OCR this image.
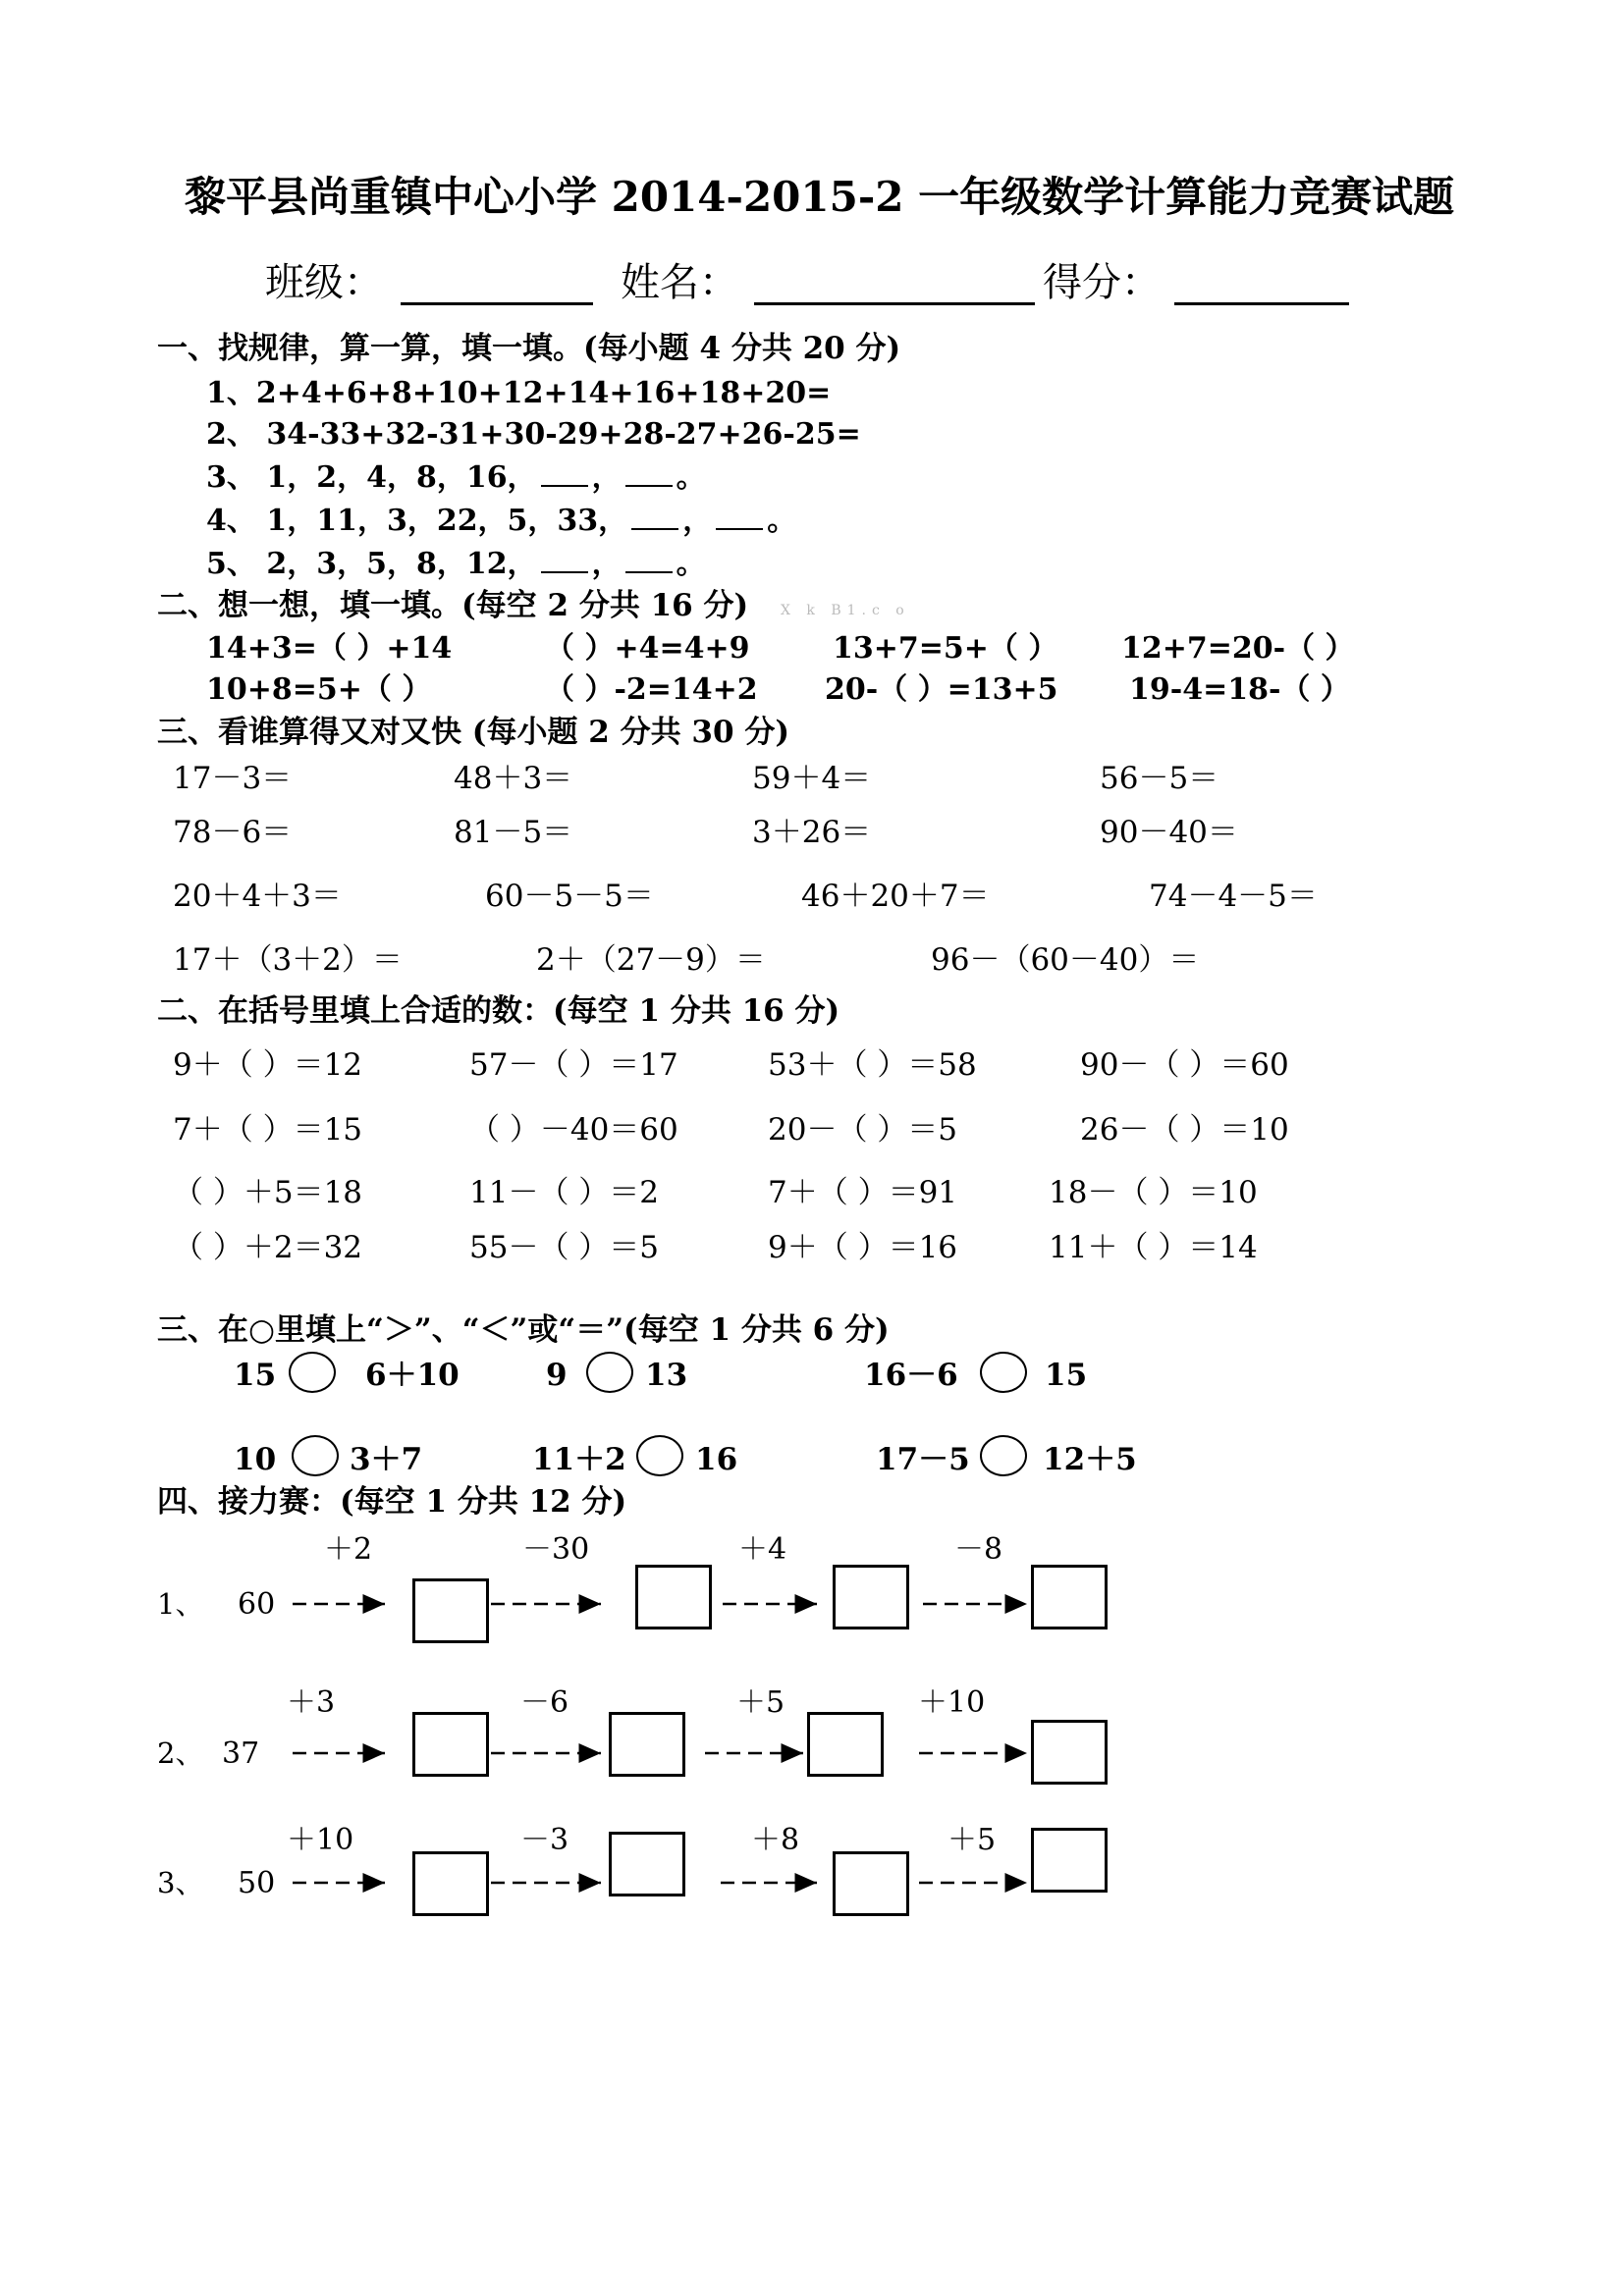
黎平县尚重镇中心小学 2014-2015-2 一年级数学计算能力竞赛试题
班级：	姓名：	得分：
一、找规律，算一算，填一填。(每小题 4 分共 20 分)
1、2+4+6+8+10+12+14+16+18+20=
2、 34-33+32-31+30-29+28-27+26-25=
3、 1，2，4，8，16， ， 。
4、 1，11，3，22，5，33， ， 。
5、 2，3，5，8，12， ， 。
二、想一想，填一填。(每空 2 分共 16 分) X k B1.c o
14+3=（ ）+14	（ ）+4=4+9	13+7=5+（ ） 12+7=20-（ ）
10+8=5+（ ）	（ ）-2=14+2 20-（ ）=13+5 19-4=18-（ ）
三、看谁算得又对又快 (每小题 2 分共 30 分)
17－3＝	48＋3＝	59＋4＝	56－5＝
78－6＝	81－5＝	3＋26＝	90－40＝
20＋4＋3＝	60－5－5＝	46＋20＋7＝	74－4－5＝
17＋（3＋2）＝	2＋（27－9）＝	96－（60－40）＝
二、在括号里填上合适的数：(每空 1 分共 16 分)
9＋（ ）＝12	57－（ ）＝17	53＋（ ）＝58	90－（ ）＝60
7＋（ ）＝15	（ ）－40＝60	20－（ ）＝5	26－（ ）＝10
（ ）＋5＝18	11－（ ）＝2	7＋（ ）＝91	18－（ ）＝10
（ ）＋2＝32	55－（ ）＝5	9＋（ ）＝16	11＋（ ）＝14
三、在○里填上“＞”、“＜”或“＝”(每空 1 分共 6 分)
15	6＋10	9	13	16－6	15
10 3＋7	11＋2 16	17－5 12＋5
四、接力赛：(每空 1 分共 12 分)
1、 60
＋2	－30	＋4	－8
2、 37
＋3	－6	＋5	＋10
3、 50
＋10	－3	＋8	＋5
